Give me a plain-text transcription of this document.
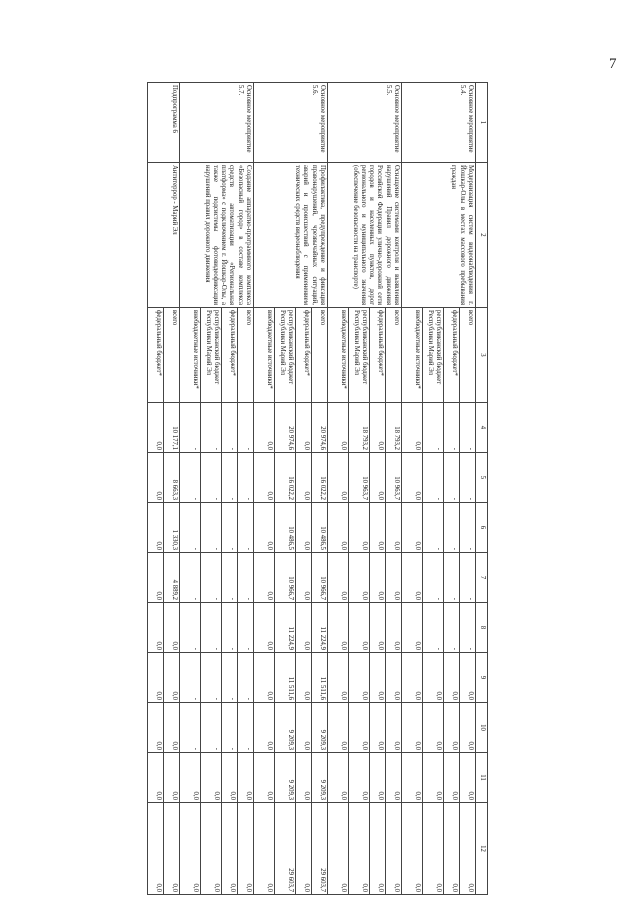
7
1	2	3	4	5	6	7	8	9	10	11	12
Основное мероприятие 5.4.	Модернизация систем видеонаблюдения г. Йошкар-Олы в местах массового пребывания граждан	всего	-	-	-	-	-	0,0	0,0	0,0	0,0
		федеральный бюджет*	-	-	-	-	-	0,0	0,0	0,0	0,0
		республиканский бюджет Республики Марий Эл	-	-	-	-	-	0,0	0,0	0,0	0,0
		внебюджетные источники*	0,0	0,0	0,0	0,0	0,0	0,0	0,0	0,0	0,0
Основное мероприятие 5.5.	Оснащение системами контроля и выявления нарушений Правил дорожного движения Российской Федерации улично-дорожной сети городов и населенных пунктов, дорог регионального и муниципального значения (обеспечение безопасности на транспорте)	всего	18 793,2	10 963,7	0,0	0,0	0,0	0,0	0,0	0,0	0,0
		федеральный бюджет*	0,0	0,0	0,0	0,0	0,0	0,0	0,0	0,0	0,0
		республиканский бюджет Республики Марий Эл	18 793,2	10 963,7	0,0	0,0	0,0	0,0	0,0	0,0	0,0
		внебюджетные источники*	0,0	0,0	0,0	0,0	0,0	0,0	0,0	0,0	0,0
Основное мероприятие 5.6.	Профилактика, предупреждение и фиксация правонарушений, чрезвычайных ситуаций, аварий и происшествий с применением технических средств видеонаблюдения	всего	20 974,6	16 022,2	10 486,5	10 966,7	11 224,9	11 511,6	9 209,3	9 209,3	29 603,7
		федеральный бюджет*	0,0	0,0	0,0	0,0	0,0	0,0	0,0	0,0	0,0
		республиканский бюджет Республики Марий Эл	20 974,6	16 022,2	10 486,5	10 966,7	11 224,9	11 511,6	9 209,3	9 209,3	29 603,7
		внебюджетные источники*	0,0	0,0	0,0	0,0	0,0	0,0	0,0	0,0	0,0
Основное мероприятие 5.7.	Создание аппаратно-программного комплекса «Безопасный город» в составе комплекса средств автоматизации «Региональная платформа» с подключением г. Йошкар-Олы, а также подсистемы фотовидеофиксации нарушений правил дорожного движения	всего	-	-	-	-	-	-	-	0,0	0,0
		федеральный бюджет*	-	-	-	-	-	-	-	0,0	0,0
		республиканский бюджет Республики Марий Эл	-	-	-	-	-	-	-	0,0	0,0
		внебюджетные источники*	-	-	-	-	-	-	-	0,0	0,0
Подпрограмма 6	Антитеррор - Марий Эл	всего	10 177,1	8 663,3	1 330,3	4 889,2	0,0	0,0	0,0	0,0	0,0
		федеральный бюджет*	0,0	0,0	0,0	0,0	0,0	0,0	0,0	0,0	0,0
